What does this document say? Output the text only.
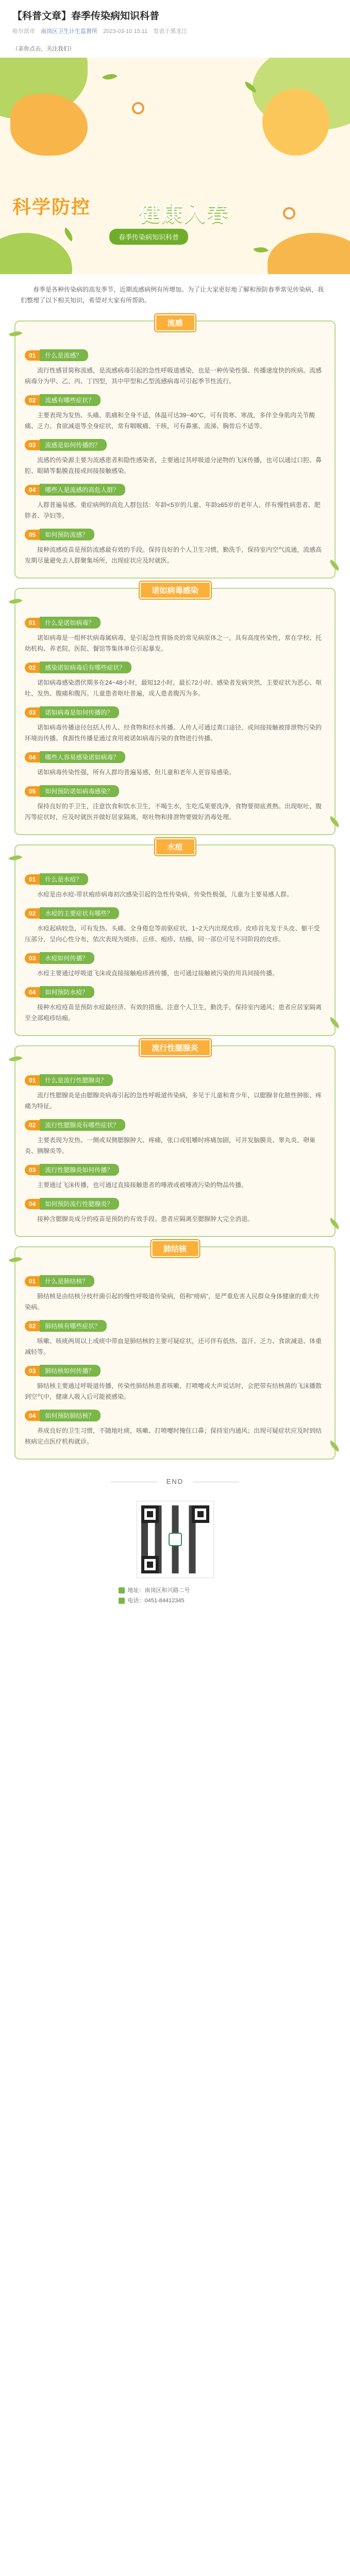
【科普文章】春季传染病知识科普
哈尔滨市 南岗区卫生计生监督所 2023-03-10 15:11 发表于黑龙江
（亲你点击，关注我们）
科学防控 健康入春
春季传染病知识科普
春季是各种传染病的高发季节，近期流感病例有所增加。为了让大家更好地了解和预防春季常见传染病，我们整理了以下相关知识，希望对大家有所帮助。
流感
01	什么是流感？
流行性感冒简称流感，是流感病毒引起的急性呼吸道感染，也是一种传染性强、传播速度快的疾病。流感病毒分为甲、乙、丙、丁四型，其中甲型和乙型流感病毒可引起季节性流行。
02	流感有哪些症状？
主要表现为发热、头痛、肌痛和全身不适，体温可达39~40°C，可有畏寒、寒战，多伴全身肌肉关节酸痛、乏力、食欲减退等全身症状，常有咽喉痛、干咳，可有鼻塞、流涕、胸骨后不适等。
03	流感是如何传播的？
流感的传染源主要为流感患者和隐性感染者，主要通过其呼吸道分泌物的飞沫传播，也可以通过口腔、鼻腔、眼睛等黏膜直接或间接接触感染。
04	哪些人是流感的高危人群？
人群普遍易感。重症病例的高危人群包括：年龄<5岁的儿童、年龄≥65岁的老年人、伴有慢性病患者、肥胖者、孕妇等。
05	如何预防流感？
接种流感疫苗是预防流感最有效的手段。保持良好的个人卫生习惯，勤洗手，保持室内空气流通，流感高发期尽量避免去人群聚集场所，出现症状应及时就医。
诺如病毒感染
01	什么是诺如病毒？
诺如病毒是一组杯状病毒属病毒，是引起急性胃肠炎的常见病原体之一，具有高度传染性，常在学校、托幼机构、养老院、医院、餐馆等集体单位引起暴发。
02	感染诺如病毒后有哪些症状？
诺如病毒感染潜伏期多在24~48小时，最短12小时，最长72小时。感染者发病突然，主要症状为恶心、呕吐、发热、腹痛和腹泻。儿童患者呕吐普遍，成人患者腹泻为多。
03	诺如病毒是如何传播的？
诺如病毒传播途径包括人传人、经食物和经水传播。人传人可通过粪口途径，或间接接触被排泄物污染的环境而传播。食源性传播是通过食用被诺如病毒污染的食物进行传播。
04	哪些人容易感染诺如病毒？
诺如病毒传染性强，所有人群均普遍易感，但儿童和老年人更容易感染。
05	如何预防诺如病毒感染？
保持良好的手卫生，注意饮食和饮水卫生，不喝生水，生吃瓜果要洗净，食物要彻底煮熟。出现呕吐、腹泻等症状时，应及时就医并做好居家隔离，呕吐物和排泄物要做好消毒处理。
水痘
01	什么是水痘？
水痘是由水痘-带状疱疹病毒初次感染引起的急性传染病，传染性极强，儿童为主要易感人群。
02	水痘的主要症状有哪些？
水痘起病较急，可有发热、头痛、全身倦怠等前驱症状，1~2天内出现皮疹。皮疹首先发于头皮、躯干受压部分，呈向心性分布，依次表现为斑疹、丘疹、疱疹、结痂，同一部位可见不同阶段的皮疹。
03	水痘如何传播？
水痘主要通过呼吸道飞沫或直接接触疱疹液传播，也可通过接触被污染的用具间接传播。
04	如何预防水痘？
接种水痘疫苗是预防水痘最经济、有效的措施。注意个人卫生，勤洗手，保持室内通风；患者应居家隔离至全部疱疹结痂。
流行性腮腺炎
01	什么是流行性腮腺炎？
流行性腮腺炎是由腮腺炎病毒引起的急性呼吸道传染病，多见于儿童和青少年，以腮腺非化脓性肿胀、疼痛为特征。
02	流行性腮腺炎有哪些症状？
主要表现为发热、一侧或双侧腮腺肿大、疼痛，张口或咀嚼时疼痛加剧，可并发脑膜炎、睾丸炎、卵巢炎、胰腺炎等。
03	流行性腮腺炎如何传播？
主要通过飞沫传播，也可通过直接接触患者的唾液或被唾液污染的物品传播。
04	如何预防流行性腮腺炎？
接种含腮腺炎成分的疫苗是预防的有效手段。患者应隔离至腮腺肿大完全消退。
肺结核
01	什么是肺结核？
肺结核是由结核分枝杆菌引起的慢性呼吸道传染病，俗称“痨病”，是严重危害人民群众身体健康的重大传染病。
02	肺结核有哪些症状？
咳嗽、咳痰两周以上或痰中带血是肺结核的主要可疑症状，还可伴有低热、盗汗、乏力、食欲减退、体重减轻等。
03	肺结核如何传播？
肺结核主要通过呼吸道传播，传染性肺结核患者咳嗽、打喷嚏或大声说话时，会把带有结核菌的飞沫播散到空气中，健康人吸入后可能被感染。
04	如何预防肺结核？
养成良好的卫生习惯，不随地吐痰，咳嗽、打喷嚏时掩住口鼻；保持室内通风；出现可疑症状应及时到结核病定点医疗机构就诊。
END
地址：南岗区和兴路二号
电话：0451-84412345
